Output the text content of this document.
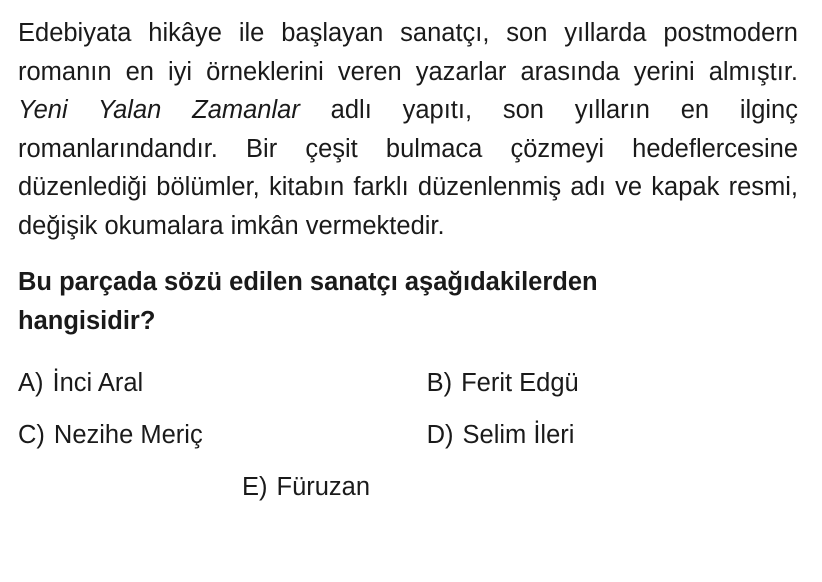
Edebiyata hikâye ile başlayan sanatçı, son yıllarda postmodern romanın en iyi örneklerini veren yazarlar arasında yerini almıştır. Yeni Yalan Zamanlar adlı yapıtı, son yılların en ilginç romanlarındandır. Bir çeşit bulmaca çözmeyi hedeflercesine düzenlediği bölümler, kitabın farklı düzenlenmiş adı ve kapak resmi, değişik okumalara imkân vermektedir.

Bu parçada sözü edilen sanatçı aşağıdakilerden
hangisidir?

A) İnci Aral	B) Ferit Edgü
C) Nezihe Meriç	D) Selim İleri
E) Füruzan
